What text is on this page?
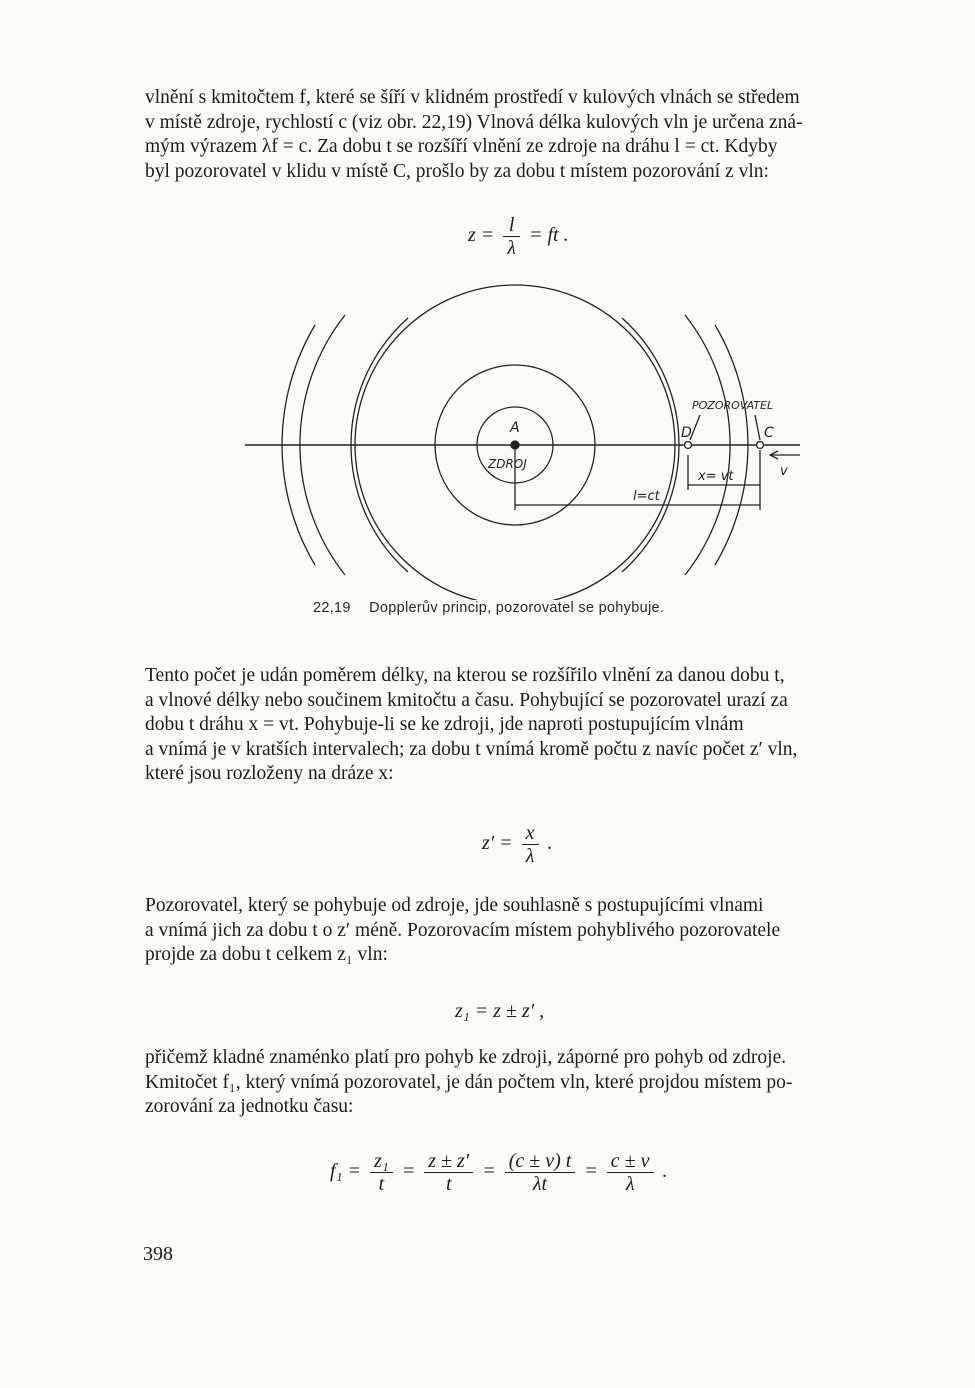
vlnění s kmitočtem f, které se šíří v klidném prostředí v kulových vlnách se středem
v místě zdroje, rychlostí c (viz obr. 22,19) Vlnová délka kulových vln je určena zná-
mým výrazem λf = c. Za dobu t se rozšíří vlnění ze zdroje na dráhu l = ct. Kdyby
byl pozorovatel v klidu v místě C, prošlo by za dobu t místem pozorování z vln:
$z = \frac{l}{\lambda}$ = ft .
A
ZDROJ
POZOROVATEL
D	C
l=ct
x= vt	v
22,19 Dopplerův princip, pozorovatel se pohybuje.
Tento počet je udán poměrem délky, na kterou se rozšířilo vlnění za danou dobu t,
a vlnové délky nebo součinem kmitočtu a času. Pohybující se pozorovatel urazí za
dobu t dráhu x = vt. Pohybuje-li se ke zdroji, jde naproti postupujícím vlnám
a vnímá je v kratších intervalech; za dobu t vnímá kromě počtu z navíc počet z′ vln,
které jsou rozloženy na dráze x:
$z' = \frac{x}{\lambda}$ .
Pozorovatel, který se pohybuje od zdroje, jde souhlasně s postupujícími vlnami
a vnímá jich za dobu t o z′ méně. Pozorovacím místem pohyblivého pozorovatele
projde za dobu t celkem z₁ vln:
z₁ = z ± z′ ,
přičemž kladné znaménko platí pro pohyb ke zdroji, záporné pro pohyb od zdroje.
Kmitočet f₁, který vnímá pozorovatel, je dán počtem vln, které projdou místem po-
zorování za jednotku času:
$f_1 = \frac{\text{z₁}}{t} = \frac{z \pm z'}{t} = \frac{(c \pm v) t}{\lambda t} = \frac{c \pm v}{\lambda}$ .
398
